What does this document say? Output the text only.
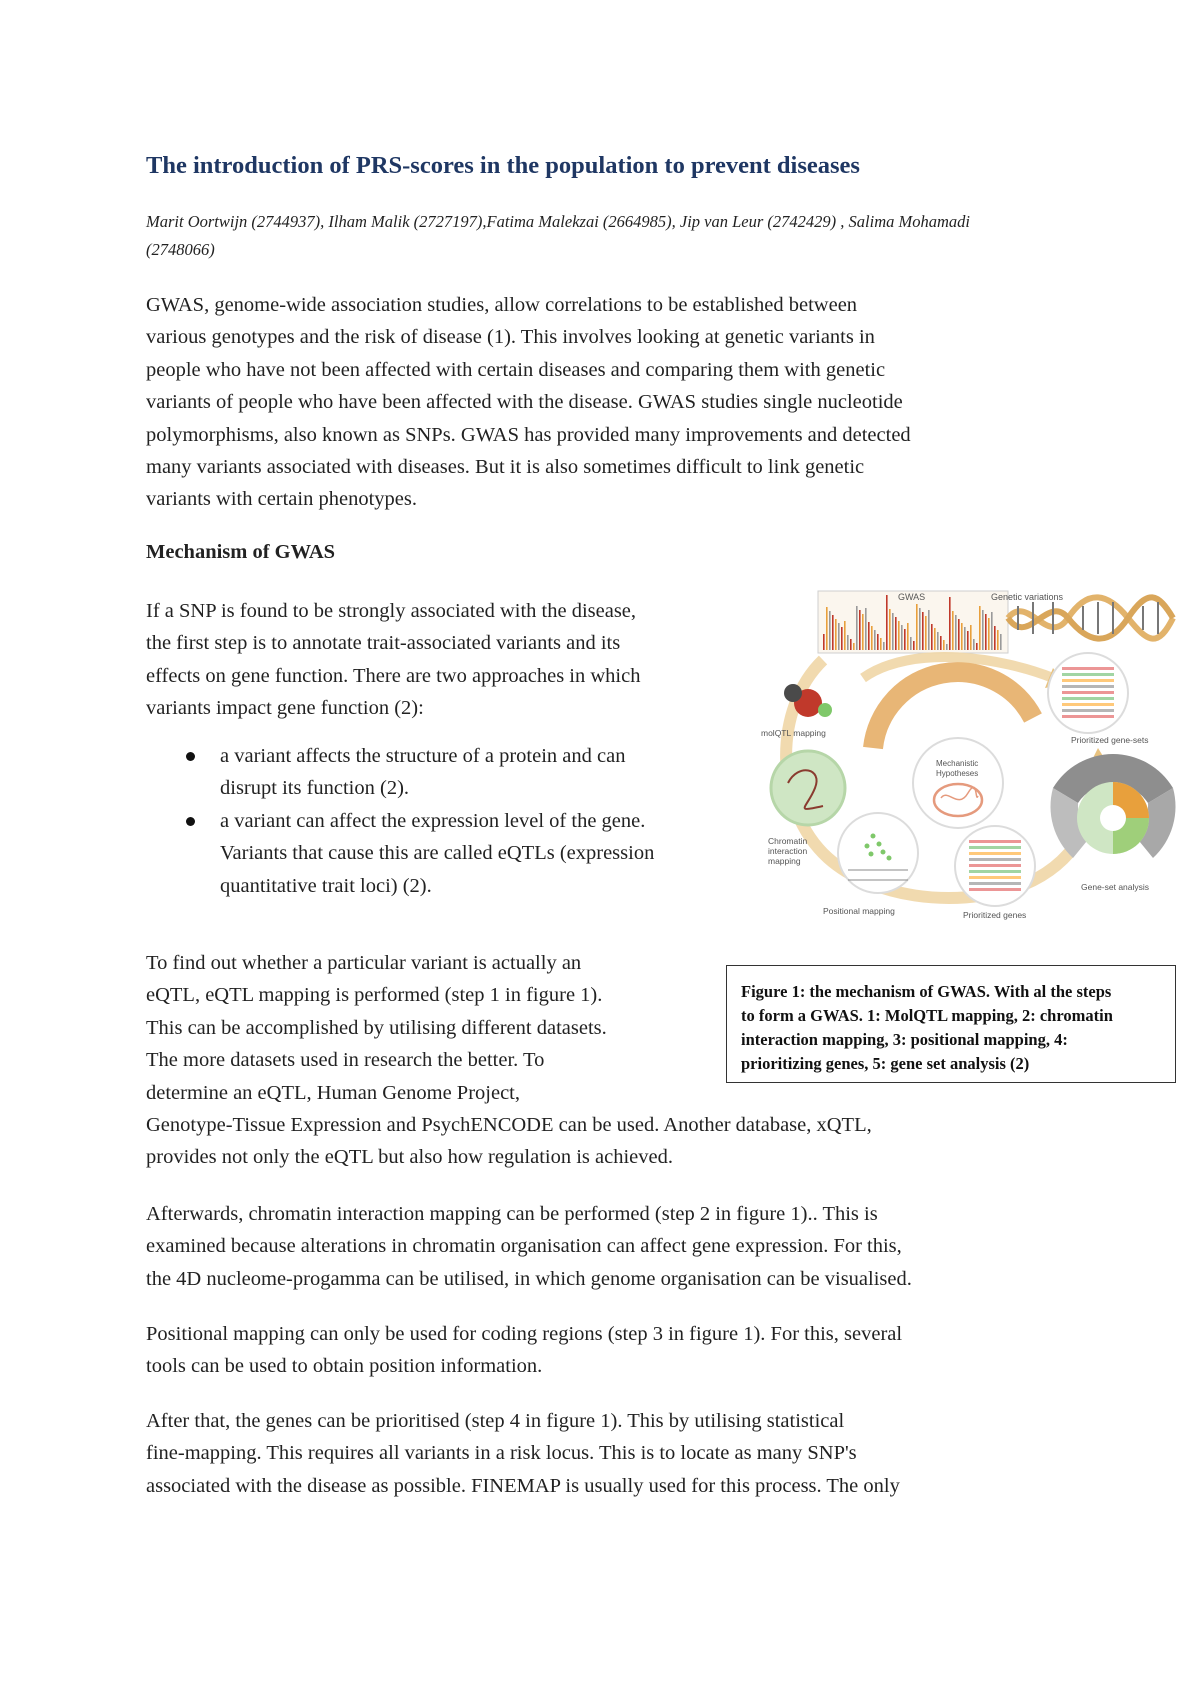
The introduction of PRS-scores in the population to prevent diseases
Marit Oortwijn (2744937), Ilham Malik (2727197),Fatima Malekzai (2664985), Jip van Leur (2742429) , Salima Mohamadi
(2748066)
GWAS, genome-wide association studies, allow correlations to be established between
various genotypes and the risk of disease (1). This involves looking at genetic variants in
people who have not been affected with certain diseases and comparing them with genetic
variants of people who have been affected with the disease. GWAS studies single nucleotide
polymorphisms, also known as SNPs. GWAS has provided many improvements and detected
many variants associated with diseases. But it is also sometimes difficult to link genetic
variants with certain phenotypes.
Mechanism of GWAS
If a SNP is found to be strongly associated with the disease,
the first step is to annotate trait-associated variants and its
effects on gene function. There are two approaches in which
variants impact gene function (2):
a variant affects the structure of a protein and can
disrupt its function (2).
a variant can affect the expression level of the gene.
Variants that cause this are called eQTLs (expression
quantitative trait loci) (2).
GWAS	Genetic variations
CONVERGENCE
molQTL mapping
Chromatin
interaction
mapping
Positional mapping
Mechanistic
Hypotheses
Prioritized genes
Prioritized gene-sets
Gene-set analysis

Figure 1: the mechanism of GWAS. With al the steps

to form a GWAS. 1: MolQTL mapping, 2: chromatin

interaction mapping, 3: positional mapping, 4:

prioritizing genes, 5: gene set analysis (2)

To find out whether a particular variant is actually an
eQTL, eQTL mapping is performed (step 1 in figure 1).
This can be accomplished by utilising different datasets.
The more datasets used in research the better. To
determine an eQTL, Human Genome Project,
Genotype-Tissue Expression and PsychENCODE can be used. Another database, xQTL,
provides not only the eQTL but also how regulation is achieved.
Afterwards, chromatin interaction mapping can be performed (step 2 in figure 1).. This is
examined because alterations in chromatin organisation can affect gene expression. For this,
the 4D nucleome-progamma can be utilised, in which genome organisation can be visualised.
Positional mapping can only be used for coding regions (step 3 in figure 1). For this, several
tools can be used to obtain position information.
After that, the genes can be prioritised (step 4 in figure 1). This by utilising statistical
fine-mapping. This requires all variants in a risk locus. This is to locate as many SNP's
associated with the disease as possible. FINEMAP is usually used for this process. The only
